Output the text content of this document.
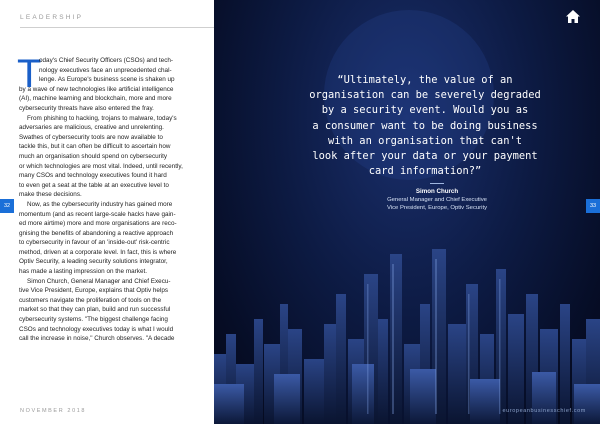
LEADERSHIP
T
oday's Chief Security Officers (CSOs) and tech-
nology executives face an unprecedented chal-
lenge. As Europe's business scene is shaken up
by a wave of new technologies like artificial intelligence
(AI), machine learning and blockchain, more and more
cybersecurity threats have also entered the fray.
From phishing to hacking, trojans to malware, today's
adversaries are malicious, creative and unrelenting.
Swathes of cybersecurity tools are now available to
tackle this, but it can often be difficult to ascertain how
much an organisation should spend on cybersecurity
or which technologies are most vital. Indeed, until recently,
many CSOs and technology executives found it hard
to even get a seat at the table at an executive level to
make these decisions.
Now, as the cybersecurity industry has gained more
momentum (and as recent large-scale hacks have gain-
ed more airtime) more and more organisations are reco-
gnising the benefits of abandoning a reactive approach
to cybersecurity in favour of an 'inside-out' risk-centric
method, driven at a corporate level. In fact, this is where
Optiv Security, a leading security solutions integrator,
has made a lasting impression on the market.
Simon Church, General Manager and Chief Execu-
tive Vice President, Europe, explains that Optiv helps
customers navigate the proliferation of tools on the
market so that they can plan, build and run successful
cybersecurity systems. "The biggest challenge facing
CSOs and technology executives today is what I would
call the increase in noise," Church observes. "A decade
32
NOVEMBER 2018
“Ultimately, the value of an
organisation can be severely degraded
by a security event. Would you as
a consumer want to be doing business
with an organisation that can't
look after your data or your payment
card information?”
Simon Church
General Manager and Chief Executive
Vice President, Europe, Optiv Security	33
europeanbusinesschief.com
